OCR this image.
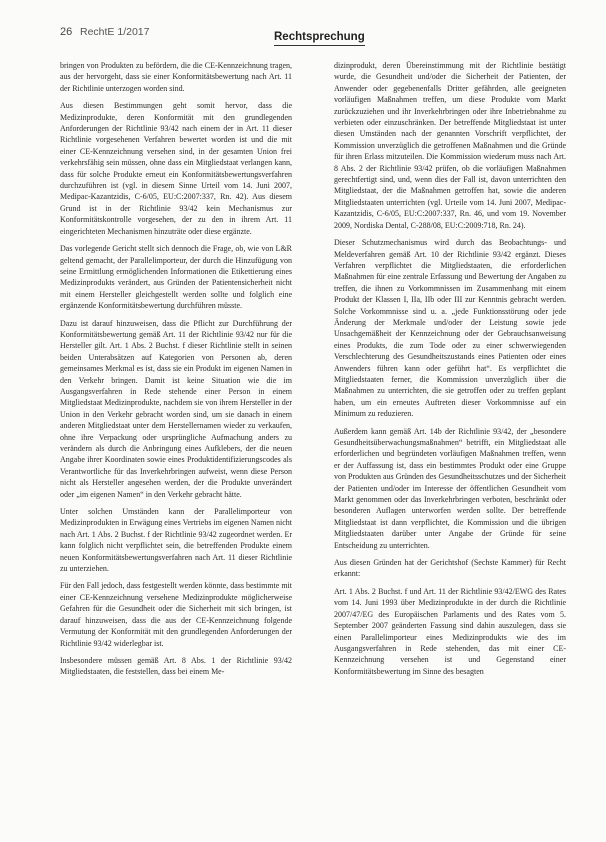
26 RechtE 1/2017	Rechtsprechung

bringen von Produkten zu befördern, die die CE-Kennzeichnung tragen, aus der hervorgeht, dass sie einer Konformitätsbewertung nach Art. 11 der Richtlinie unterzogen worden sind.

Aus diesen Bestimmungen geht somit hervor, dass die Medizinprodukte, deren Konformität mit den grundlegenden Anforderungen der Richtlinie 93/42 nach einem der in Art. 11 dieser Richtlinie vorgesehenen Verfahren bewertet worden ist und die mit einer CE-Kennzeichnung versehen sind, in der gesamten Union frei verkehrsfähig sein müssen, ohne dass ein Mitgliedstaat verlangen kann, dass für solche Produkte erneut ein Konformitätsbewertungsverfahren durchzuführen ist (vgl. in diesem Sinne Urteil vom 14. Juni 2007, Medipac-Kazantzidis, C-6/05, EU:C:2007:337, Rn. 42). Aus diesem Grund ist in der Richtlinie 93/42 kein Mechanismus zur Konformitätskontrolle vorgesehen, der zu den in ihrem Art. 11 eingerichteten Mechanismen hinzuträte oder diese ergänzte.

Das vorlegende Gericht stellt sich dennoch die Frage, ob, wie von L&R geltend gemacht, der Parallelimporteur, der durch die Hinzufügung von seine Ermittlung ermöglichenden Informationen die Etikettierung eines Medizinprodukts verändert, aus Gründen der Patientensicherheit nicht mit einem Hersteller gleichgestellt werden sollte und folglich eine ergänzende Konformitätsbewertung durchführen müsste.

Dazu ist darauf hinzuweisen, dass die Pflicht zur Durchführung der Konformitätsbewertung gemäß Art. 11 der Richtlinie 93/42 nur für die Hersteller gilt. Art. 1 Abs. 2 Buchst. f dieser Richtlinie stellt in seinen beiden Unterabsätzen auf Kategorien von Personen ab, deren gemeinsames Merkmal es ist, dass sie ein Produkt im eigenen Namen in den Verkehr bringen. Damit ist keine Situation wie die im Ausgangsverfahren in Rede stehende einer Person in einem Mitgliedstaat Medizinprodukte, nachdem sie von ihrem Hersteller in der Union in den Verkehr gebracht worden sind, um sie danach in einem anderen Mitgliedstaat unter dem Herstellernamen wieder zu verkaufen, ohne ihre Verpackung oder ursprüngliche Aufmachung anders zu verändern als durch die Anbringung eines Aufklebers, der die neuen Angabe ihrer Koordinaten sowie eines Produktidentifizierungscodes als Verantwortliche für das Inverkehrbringen aufweist, wenn diese Person nicht als Hersteller angesehen werden, der die Produkte unverändert oder „im eigenen Namen“ in den Verkehr gebracht hätte.

Unter solchen Umständen kann der Parallelimporteur von Medizinprodukten in Erwägung eines Vertriebs im eigenen Namen nicht nach Art. 1 Abs. 2 Buchst. f der Richtlinie 93/42 zugeordnet werden. Er kann folglich nicht verpflichtet sein, die betreffenden Produkte einem neuen Konformitätsbewertungsverfahren nach Art. 11 dieser Richtlinie zu unterziehen.

Für den Fall jedoch, dass festgestellt werden könnte, dass bestimmte mit einer CE-Kennzeichnung versehene Medizinprodukte möglicherweise Gefahren für die Gesundheit oder die Sicherheit mit sich bringen, ist darauf hinzuweisen, dass die aus der CE-Kennzeichnung folgende Vermutung der Konformität mit den grundlegenden Anforderungen der Richtlinie 93/42 widerlegbar ist.

Insbesondere müssen gemäß Art. 8 Abs. 1 der Richtlinie 93/42 Mitgliedstaaten, die feststellen, dass bei einem Me-

dizinprodukt, deren Übereinstimmung mit der Richtlinie bestätigt wurde, die Gesundheit und/oder die Sicherheit der Patienten, der Anwender oder gegebenenfalls Dritter gefährden, alle geeigneten vorläufigen Maßnahmen treffen, um diese Produkte vom Markt zurückzuziehen und ihr Inverkehrbringen oder ihre Inbetriebnahme zu verbieten oder einzuschränken. Der betreffende Mitgliedstaat ist unter diesen Umständen nach der genannten Vorschrift verpflichtet, der Kommission unverzüglich die getroffenen Maßnahmen und die Gründe für ihren Erlass mitzuteilen. Die Kommission wiederum muss nach Art. 8 Abs. 2 der Richtlinie 93/42 prüfen, ob die vorläufigen Maßnahmen gerechtfertigt sind, und, wenn dies der Fall ist, davon unterrichten den Mitgliedstaat, der die Maßnahmen getroffen hat, sowie die anderen Mitgliedstaaten unterrichten (vgl. Urteile vom 14. Juni 2007, Medipac-Kazantzidis, C-6/05, EU:C:2007:337, Rn. 46, und vom 19. November 2009, Nordiska Dental, C-288/08, EU:C:2009:718, Rn. 24).

Dieser Schutzmechanismus wird durch das Beobachtungs- und Meldeverfahren gemäß Art. 10 der Richtlinie 93/42 ergänzt. Dieses Verfahren verpflichtet die Mitgliedstaaten, die erforderlichen Maßnahmen für eine zentrale Erfassung und Bewertung der Angaben zu treffen, die ihnen zu Vorkommnissen im Zusammenhang mit einem Produkt der Klassen I, IIa, IIb oder III zur Kenntnis gebracht werden. Solche Vorkommnisse sind u. a. „jede Funktionsstörung oder jede Änderung der Merkmale und/oder der Leistung sowie jede Unsachgemäßheit der Kennzeichnung oder der Gebrauchsanweisung eines Produkts, die zum Tode oder zu einer schwerwiegenden Verschlechterung des Gesundheitszustands eines Patienten oder eines Anwenders führen kann oder geführt hat“. Es verpflichtet die Mitgliedstaaten ferner, die Kommission unverzüglich über die Maßnahmen zu unterrichten, die sie getroffen oder zu treffen geplant haben, um ein erneutes Auftreten dieser Vorkommnisse auf ein Minimum zu reduzieren.

Außerdem kann gemäß Art. 14b der Richtlinie 93/42, der „besondere Gesundheitsüberwachungsmaßnahmen“ betrifft, ein Mitgliedstaat alle erforderlichen und begründeten vorläufigen Maßnahmen treffen, wenn er der Auffassung ist, dass ein bestimmtes Produkt oder eine Gruppe von Produkten aus Gründen des Gesundheitsschutzes und der Sicherheit der Patienten und/oder im Interesse der öffentlichen Gesundheit vom Markt genommen oder das Inverkehrbringen verboten, beschränkt oder besonderen Auflagen unterworfen werden sollte. Der betreffende Mitgliedstaat ist dann verpflichtet, die Kommission und die übrigen Mitgliedstaaten darüber unter Angabe der Gründe für seine Entscheidung zu unterrichten.

Aus diesen Gründen hat der Gerichtshof (Sechste Kammer) für Recht erkannt:

Art. 1 Abs. 2 Buchst. f und Art. 11 der Richtlinie 93/42/EWG des Rates vom 14. Juni 1993 über Medizinprodukte in der durch die Richtlinie 2007/47/EG des Europäischen Parlaments und des Rates vom 5. September 2007 geänderten Fassung sind dahin auszulegen, dass sie einen Parallelimporteur eines Medizinprodukts wie des im Ausgangsverfahren in Rede stehenden, das mit einer CE-Kennzeichnung versehen ist und Gegenstand einer Konformitätsbewertung im Sinne des besagten
